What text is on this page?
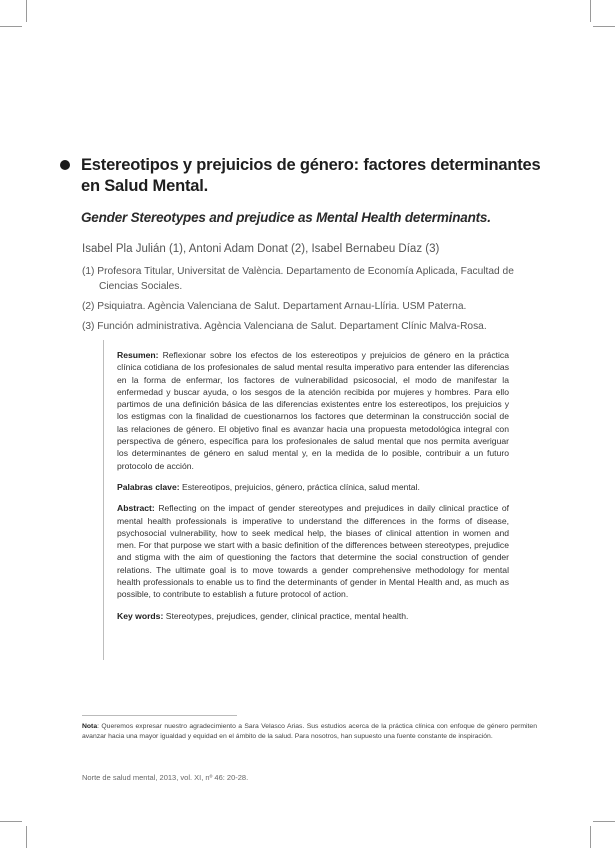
Estereotipos y prejuicios de género: factores determinantes en Salud Mental.
Gender Stereotypes and prejudice as Mental Health determinants.
Isabel Pla Julián (1), Antoni Adam Donat (2), Isabel Bernabeu Díaz (3)

(1) Profesora Titular, Universitat de València. Departamento de Economía Aplicada, Facultad de Ciencias Sociales.

(2) Psiquiatra. Agència Valenciana de Salut. Departament Arnau-Llíria. USM Paterna.

(3) Función administrativa. Agència Valenciana de Salut. Departament Clínic Malva-Rosa.

Resumen: Reflexionar sobre los efectos de los estereotipos y prejuicios de género en la práctica clínica cotidiana de los profesionales de salud mental resulta imperativo para entender las diferencias en la forma de enfermar, los factores de vulnerabilidad psicosocial, el modo de manifestar la enfermedad y buscar ayuda, o los sesgos de la atención recibida por mujeres y hombres. Para ello partimos de una definición básica de las diferencias existentes entre los estereotipos, los prejuicios y los estigmas con la finalidad de cuestionarnos los factores que determinan la construcción social de las relaciones de género. El objetivo final es avanzar hacia una propuesta metodológica integral con perspectiva de género, específica para los profesionales de salud mental que nos permita averiguar los determinantes de género en salud mental y, en la medida de lo posible, contribuir a un futuro protocolo de acción.

Palabras clave: Estereotipos, prejuicios, género, práctica clínica, salud mental.

Abstract: Reflecting on the impact of gender stereotypes and prejudices in daily clinical practice of mental health professionals is imperative to understand the differences in the forms of disease, psychosocial vulnerability, how to seek medical help, the biases of clinical attention in women and men. For that purpose we start with a basic definition of the differences between stereotypes, prejudice and stigma with the aim of questioning the factors that determine the social construction of gender relations. The ultimate goal is to move towards a gender comprehensive methodology for mental health professionals to enable us to find the determinants of gender in Mental Health and, as much as possible, to contribute to establish a future protocol of action.

Key words: Stereotypes, prejudices, gender, clinical practice, mental health.

Nota: Queremos expresar nuestro agradecimiento a Sara Velasco Arias. Sus estudios acerca de la práctica clínica con enfoque de género permiten avanzar hacia una mayor igualdad y equidad en el ámbito de la salud. Para nosotros, han supuesto una fuente constante de inspiración.
Norte de salud mental, 2013, vol. XI, nº 46: 20-28.
